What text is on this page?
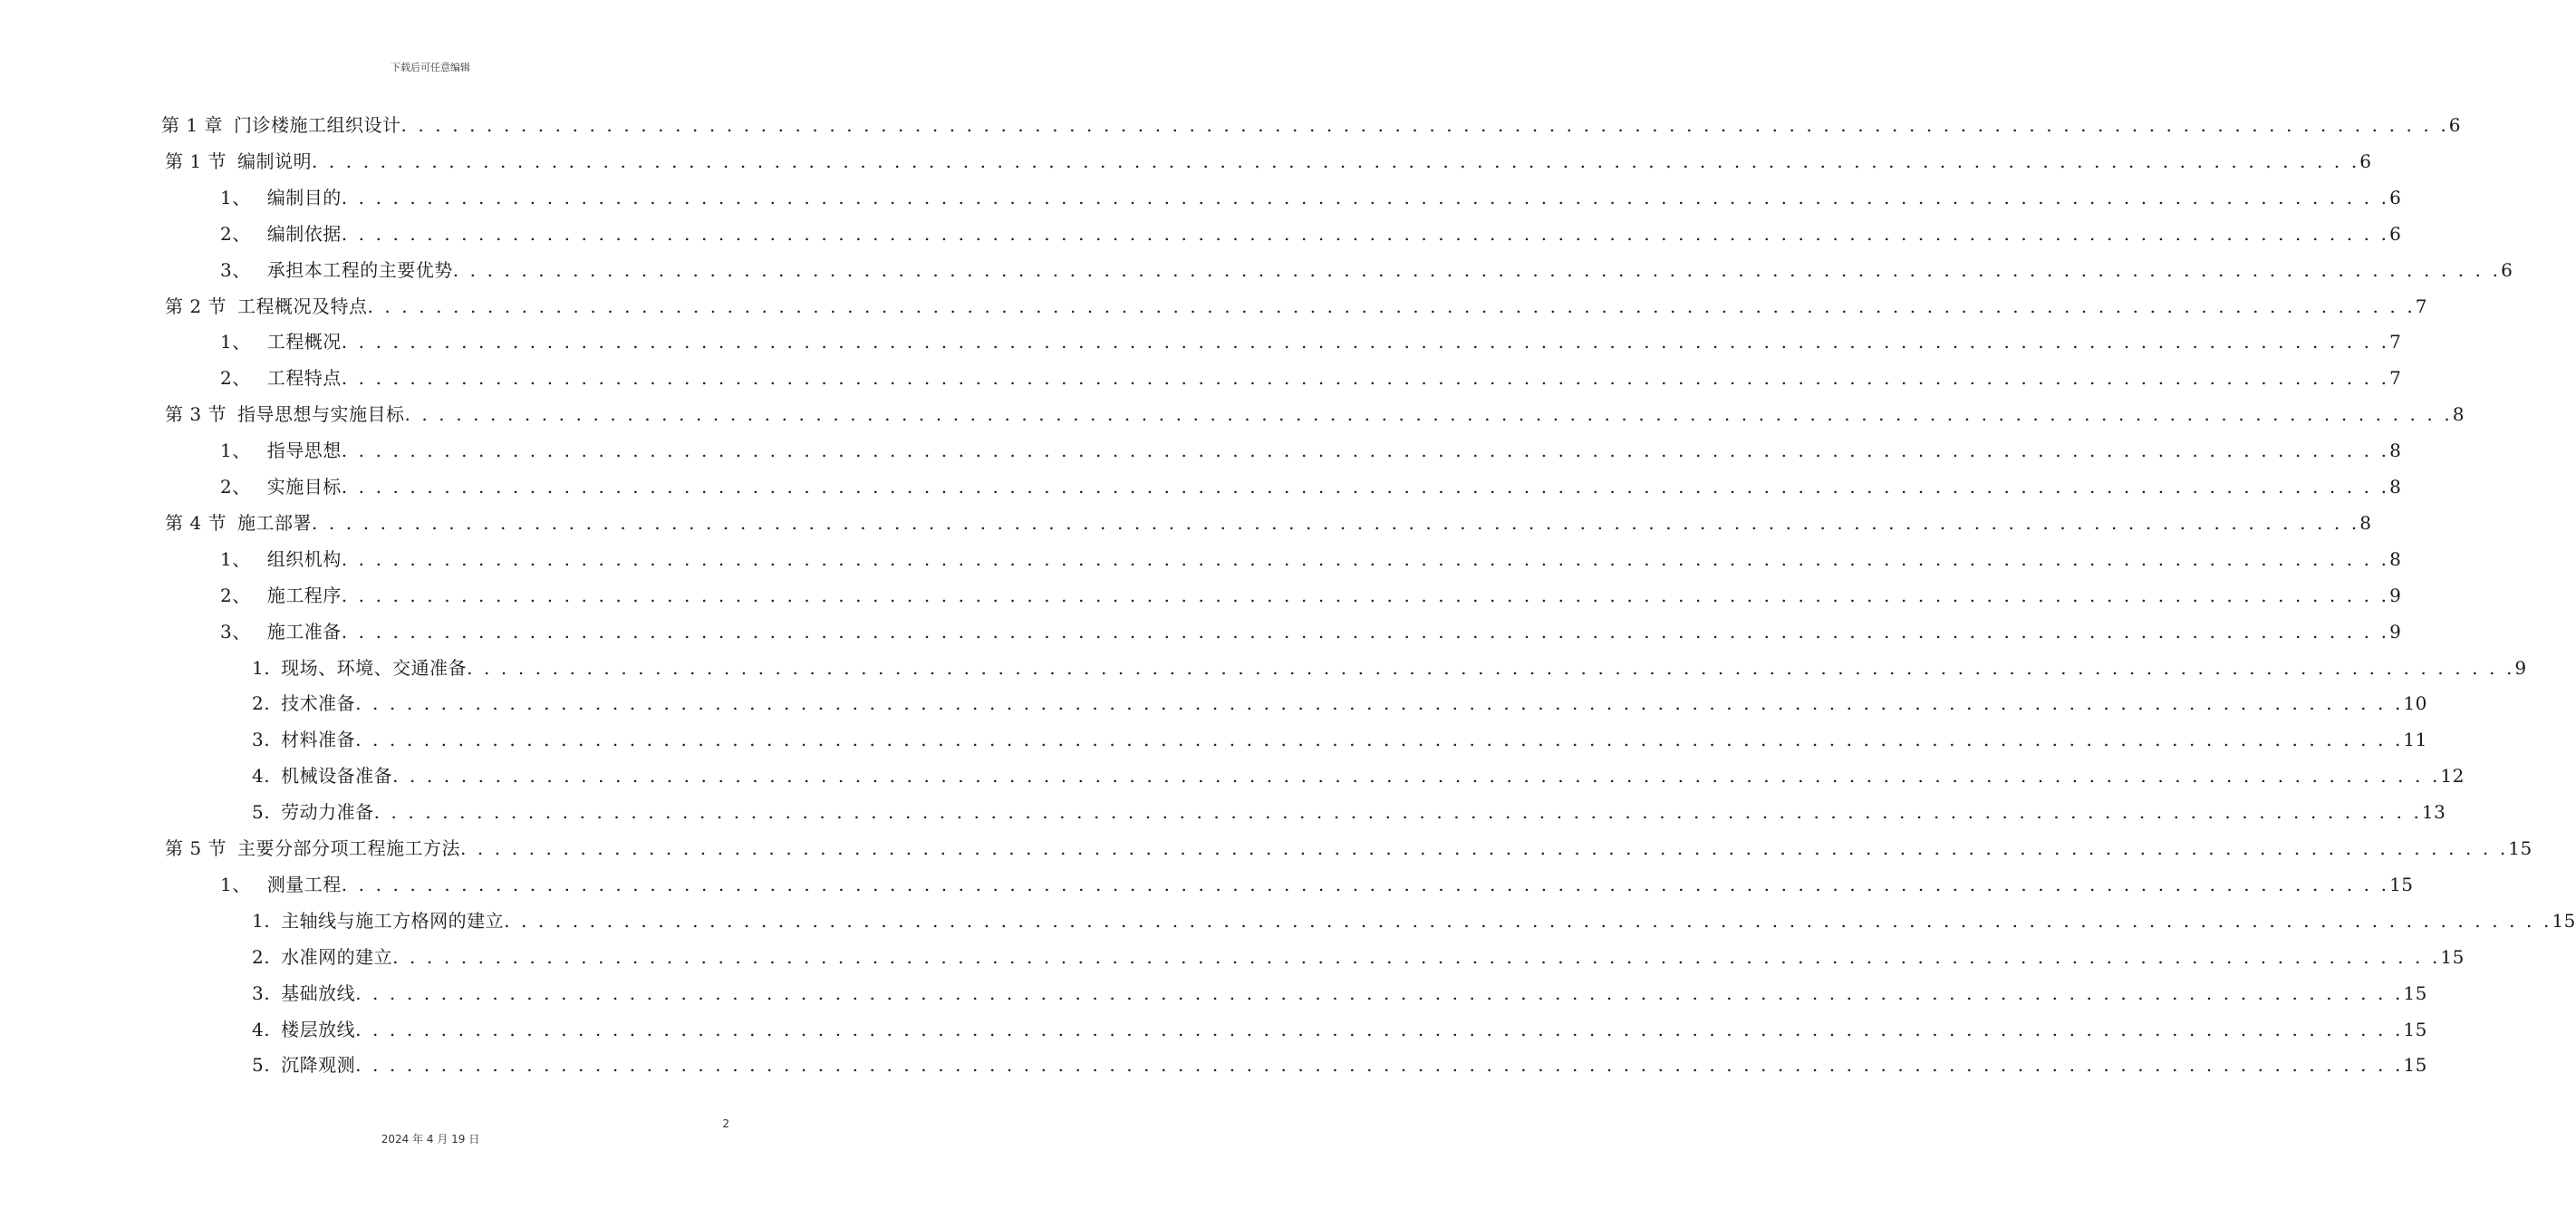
下载后可任意编辑
第 1 章 门诊楼施工组织设计 . . . . . . . . . . . . . . . . . . . . . . . . . . . . . . . . . . . . . . . . . . . . . . . . . . . . . . . . . . . . . . . . . . . . . . . . . . . . . . . . . . . . . . . . . . . . . . . . . . . . . . . . . . . . . . . . . . . . . . . . 6
第 1 节 编制说明 . . . . . . . . . . . . . . . . . . . . . . . . . . . . . . . . . . . . . . . . . . . . . . . . . . . . . . . . . . . . . . . . . . . . . . . . . . . . . . . . . . . . . . . . . . . . . . . . . . . . . . . . . . . . . . . . . . . . . . . . 6
1、 编制目的 . . . . . . . . . . . . . . . . . . . . . . . . . . . . . . . . . . . . . . . . . . . . . . . . . . . . . . . . . . . . . . . . . . . . . . . . . . . . . . . . . . . . . . . . . . . . . . . . . . . . . . . . . . . . . . . . . . . . . . . . 6
2、 编制依据 . . . . . . . . . . . . . . . . . . . . . . . . . . . . . . . . . . . . . . . . . . . . . . . . . . . . . . . . . . . . . . . . . . . . . . . . . . . . . . . . . . . . . . . . . . . . . . . . . . . . . . . . . . . . . . . . . . . . . . . . 6
3、 承担本工程的主要优势 . . . . . . . . . . . . . . . . . . . . . . . . . . . . . . . . . . . . . . . . . . . . . . . . . . . . . . . . . . . . . . . . . . . . . . . . . . . . . . . . . . . . . . . . . . . . . . . . . . . . . . . . . . . . . . . . . . . . . . . . 6
第 2 节 工程概况及特点 . . . . . . . . . . . . . . . . . . . . . . . . . . . . . . . . . . . . . . . . . . . . . . . . . . . . . . . . . . . . . . . . . . . . . . . . . . . . . . . . . . . . . . . . . . . . . . . . . . . . . . . . . . . . . . . . . . . . . . . . 7
1、 工程概况 . . . . . . . . . . . . . . . . . . . . . . . . . . . . . . . . . . . . . . . . . . . . . . . . . . . . . . . . . . . . . . . . . . . . . . . . . . . . . . . . . . . . . . . . . . . . . . . . . . . . . . . . . . . . . . . . . . . . . . . . 7
2、 工程特点 . . . . . . . . . . . . . . . . . . . . . . . . . . . . . . . . . . . . . . . . . . . . . . . . . . . . . . . . . . . . . . . . . . . . . . . . . . . . . . . . . . . . . . . . . . . . . . . . . . . . . . . . . . . . . . . . . . . . . . . . 7
第 3 节 指导思想与实施目标 . . . . . . . . . . . . . . . . . . . . . . . . . . . . . . . . . . . . . . . . . . . . . . . . . . . . . . . . . . . . . . . . . . . . . . . . . . . . . . . . . . . . . . . . . . . . . . . . . . . . . . . . . . . . . . . . . . . . . . . . 8
1、 指导思想 . . . . . . . . . . . . . . . . . . . . . . . . . . . . . . . . . . . . . . . . . . . . . . . . . . . . . . . . . . . . . . . . . . . . . . . . . . . . . . . . . . . . . . . . . . . . . . . . . . . . . . . . . . . . . . . . . . . . . . . . 8
2、 实施目标 . . . . . . . . . . . . . . . . . . . . . . . . . . . . . . . . . . . . . . . . . . . . . . . . . . . . . . . . . . . . . . . . . . . . . . . . . . . . . . . . . . . . . . . . . . . . . . . . . . . . . . . . . . . . . . . . . . . . . . . . 8
第 4 节 施工部署 . . . . . . . . . . . . . . . . . . . . . . . . . . . . . . . . . . . . . . . . . . . . . . . . . . . . . . . . . . . . . . . . . . . . . . . . . . . . . . . . . . . . . . . . . . . . . . . . . . . . . . . . . . . . . . . . . . . . . . . . 8
1、 组织机构 . . . . . . . . . . . . . . . . . . . . . . . . . . . . . . . . . . . . . . . . . . . . . . . . . . . . . . . . . . . . . . . . . . . . . . . . . . . . . . . . . . . . . . . . . . . . . . . . . . . . . . . . . . . . . . . . . . . . . . . . 8
2、 施工程序 . . . . . . . . . . . . . . . . . . . . . . . . . . . . . . . . . . . . . . . . . . . . . . . . . . . . . . . . . . . . . . . . . . . . . . . . . . . . . . . . . . . . . . . . . . . . . . . . . . . . . . . . . . . . . . . . . . . . . . . . 9
3、 施工准备 . . . . . . . . . . . . . . . . . . . . . . . . . . . . . . . . . . . . . . . . . . . . . . . . . . . . . . . . . . . . . . . . . . . . . . . . . . . . . . . . . . . . . . . . . . . . . . . . . . . . . . . . . . . . . . . . . . . . . . . . 9
1. 现场、环境、交通准备 . . . . . . . . . . . . . . . . . . . . . . . . . . . . . . . . . . . . . . . . . . . . . . . . . . . . . . . . . . . . . . . . . . . . . . . . . . . . . . . . . . . . . . . . . . . . . . . . . . . . . . . . . . . . . . . . . . . . . . . . 9
2. 技术准备 . . . . . . . . . . . . . . . . . . . . . . . . . . . . . . . . . . . . . . . . . . . . . . . . . . . . . . . . . . . . . . . . . . . . . . . . . . . . . . . . . . . . . . . . . . . . . . . . . . . . . . . . . . . . . . . . . . . . . . . . 10
3. 材料准备 . . . . . . . . . . . . . . . . . . . . . . . . . . . . . . . . . . . . . . . . . . . . . . . . . . . . . . . . . . . . . . . . . . . . . . . . . . . . . . . . . . . . . . . . . . . . . . . . . . . . . . . . . . . . . . . . . . . . . . . . 11
4. 机械设备准备 . . . . . . . . . . . . . . . . . . . . . . . . . . . . . . . . . . . . . . . . . . . . . . . . . . . . . . . . . . . . . . . . . . . . . . . . . . . . . . . . . . . . . . . . . . . . . . . . . . . . . . . . . . . . . . . . . . . . . . . . 12
5. 劳动力准备 . . . . . . . . . . . . . . . . . . . . . . . . . . . . . . . . . . . . . . . . . . . . . . . . . . . . . . . . . . . . . . . . . . . . . . . . . . . . . . . . . . . . . . . . . . . . . . . . . . . . . . . . . . . . . . . . . . . . . . . . 13
第 5 节 主要分部分项工程施工方法 . . . . . . . . . . . . . . . . . . . . . . . . . . . . . . . . . . . . . . . . . . . . . . . . . . . . . . . . . . . . . . . . . . . . . . . . . . . . . . . . . . . . . . . . . . . . . . . . . . . . . . . . . . . . . . . . . . . . . . . . 15
1、 测量工程 . . . . . . . . . . . . . . . . . . . . . . . . . . . . . . . . . . . . . . . . . . . . . . . . . . . . . . . . . . . . . . . . . . . . . . . . . . . . . . . . . . . . . . . . . . . . . . . . . . . . . . . . . . . . . . . . . . . . . . . . 15
1. 主轴线与施工方格网的建立 . . . . . . . . . . . . . . . . . . . . . . . . . . . . . . . . . . . . . . . . . . . . . . . . . . . . . . . . . . . . . . . . . . . . . . . . . . . . . . . . . . . . . . . . . . . . . . . . . . . . . . . . . . . . . . . . . . . . . . . . 15
2. 水准网的建立 . . . . . . . . . . . . . . . . . . . . . . . . . . . . . . . . . . . . . . . . . . . . . . . . . . . . . . . . . . . . . . . . . . . . . . . . . . . . . . . . . . . . . . . . . . . . . . . . . . . . . . . . . . . . . . . . . . . . . . . . 15
3. 基础放线 . . . . . . . . . . . . . . . . . . . . . . . . . . . . . . . . . . . . . . . . . . . . . . . . . . . . . . . . . . . . . . . . . . . . . . . . . . . . . . . . . . . . . . . . . . . . . . . . . . . . . . . . . . . . . . . . . . . . . . . . 15
4. 楼层放线 . . . . . . . . . . . . . . . . . . . . . . . . . . . . . . . . . . . . . . . . . . . . . . . . . . . . . . . . . . . . . . . . . . . . . . . . . . . . . . . . . . . . . . . . . . . . . . . . . . . . . . . . . . . . . . . . . . . . . . . . 15
5. 沉降观测 . . . . . . . . . . . . . . . . . . . . . . . . . . . . . . . . . . . . . . . . . . . . . . . . . . . . . . . . . . . . . . . . . . . . . . . . . . . . . . . . . . . . . . . . . . . . . . . . . . . . . . . . . . . . . . . . . . . . . . . . 15
2
2024 年 4 月 19 日
